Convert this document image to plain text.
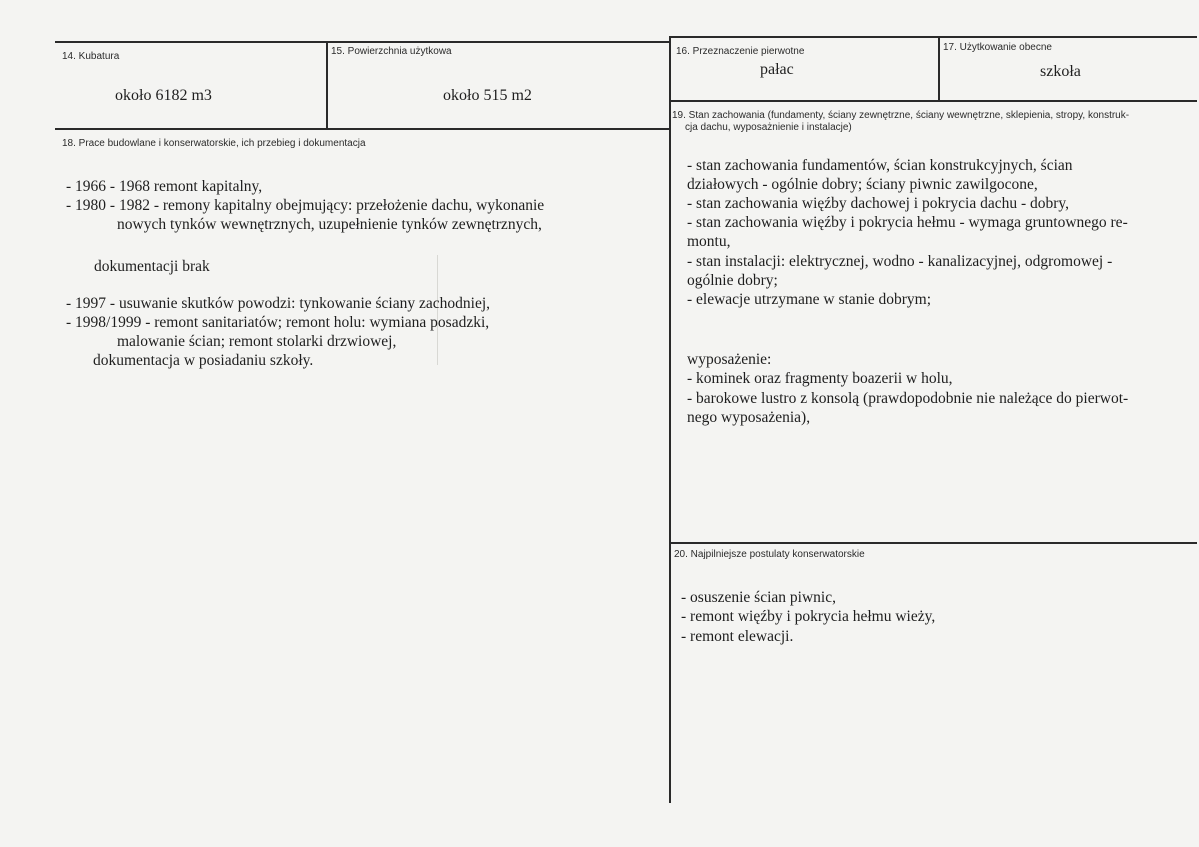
14. Kubatura
około 6182 m3
15. Powierzchnia użytkowa
około 515 m2
16. Przeznaczenie pierwotne
pałac
17. Użytkowanie obecne
szkoła
18. Prace budowlane i konserwatorskie, ich przebieg i dokumentacja
- 1966 - 1968 remont kapitalny,
- 1980 - 1982 - remony kapitalny obejmujący: przełożenie dachu, wykonanie
nowych tynków wewnętrznych, uzupełnienie tynków zewnętrznych,
dokumentacji brak
- 1997 - usuwanie skutków powodzi: tynkowanie ściany zachodniej,
- 1998/1999 - remont sanitariatów; remont holu: wymiana posadzki,
malowanie ścian; remont stolarki drzwiowej,
dokumentacja w posiadaniu szkoły.
19. Stan zachowania (fundamenty, ściany zewnętrzne, ściany wewnętrzne, sklepienia, stropy, konstruk-
cja dachu, wyposażnienie i instalacje)
- stan zachowania fundamentów, ścian konstrukcyjnych, ścian
działowych - ogólnie dobry; ściany piwnic zawilgocone,
- stan zachowania więźby dachowej i pokrycia dachu - dobry,
- stan zachowania więźby i pokrycia hełmu - wymaga gruntownego re-
montu,
- stan instalacji: elektrycznej, wodno - kanalizacyjnej, odgromowej -
ogólnie dobry;
- elewacje utrzymane w stanie dobrym;
wyposażenie:
- kominek oraz fragmenty boazerii w holu,
- barokowe lustro z konsolą (prawdopodobnie nie należące do pierwot-
nego wyposażenia),
20. Najpilniejsze postulaty konserwatorskie
- osuszenie ścian piwnic,
- remont więźby i pokrycia hełmu wieży,
- remont elewacji.
